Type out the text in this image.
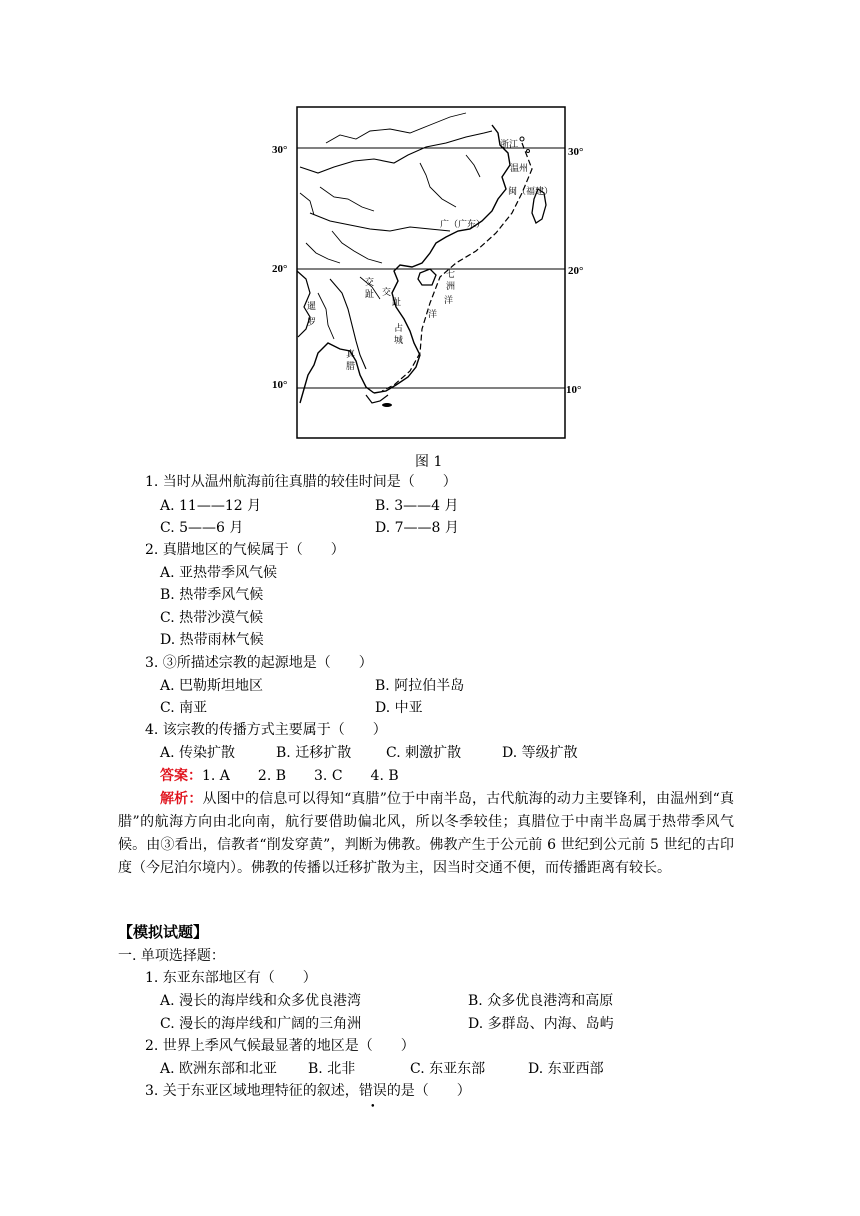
30°	30°
20°	20°
10°	10°
浙江
温州
闽（福建）
广（广东）
七
洲
洋
交
趾 交
趾
洋
占
城
暹
罗
真
腊
图 1
1. 当时从温州航海前往真腊的较佳时间是（　　）
A. 11——12 月	B. 3——4 月
C. 5——6 月	D. 7——8 月
2. 真腊地区的气候属于（　　）
A. 亚热带季风气候
B. 热带季风气候
C. 热带沙漠气候
D. 热带雨林气候
3. ③所描述宗教的起源地是（　　）
A. 巴勒斯坦地区	B. 阿拉伯半岛
C. 南亚	D. 中亚
4. 该宗教的传播方式主要属于（　　）
A. 传染扩散	B. 迁移扩散 C. 刺激扩散	D. 等级扩散
答案：1. A　　2. B　　3. C　　4. B
解析：从图中的信息可以得知“真腊”位于中南半岛，古代航海的动力主要锋利，由温州到“真腊”的航海方向由北向南，航行要借助偏北风，所以冬季较佳；真腊位于中南半岛属于热带季风气候。由③看出，信教者“削发穿黄”，判断为佛教。佛教产生于公元前 6 世纪到公元前 5 世纪的古印度（今尼泊尔境内）。佛教的传播以迁移扩散为主，因当时交通不便，而传播距离有较长。
【模拟试题】
一. 单项选择题：
1. 东亚东部地区有（　　）
A. 漫长的海岸线和众多优良港湾	B. 众多优良港湾和高原
C. 漫长的海岸线和广阔的三角洲	D. 多群岛、内海、岛屿
2. 世界上季风气候最显著的地区是（　　）
A. 欧洲东部和北亚 B. 北非	C. 东亚东部	D. 东亚西部
3. 关于东亚区域地理特征的叙述，错误的是（　　）
